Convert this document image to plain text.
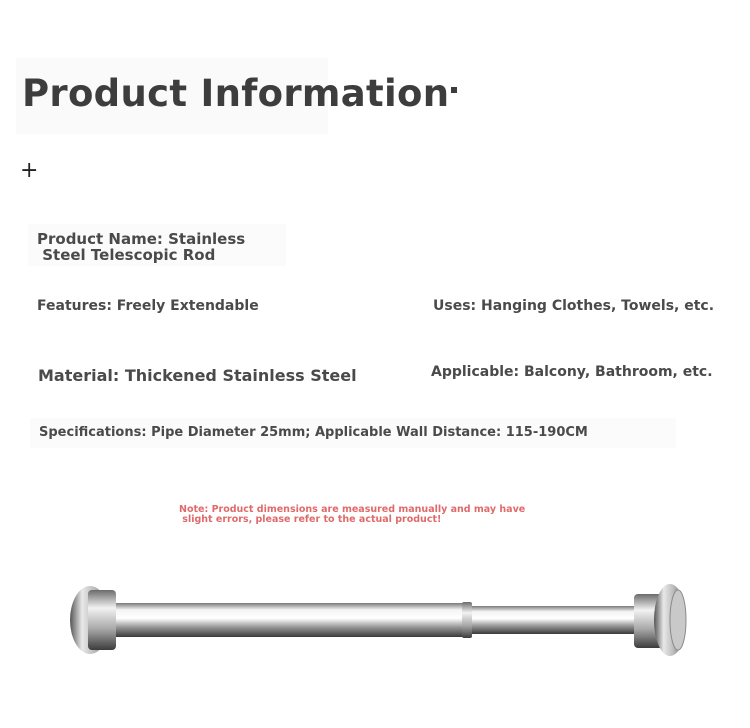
Product Information
+
Product Name: Stainless
Steel Telescopic Rod
Features: Freely Extendable	Uses: Hanging Clothes, Towels, etc.
Material: Thickened Stainless Steel	Applicable: Balcony, Bathroom, etc.
Specifications: Pipe Diameter 25mm; Applicable Wall Distance: 115-190CM
Note: Product dimensions are measured manually and may have
slight errors, please refer to the actual product!
